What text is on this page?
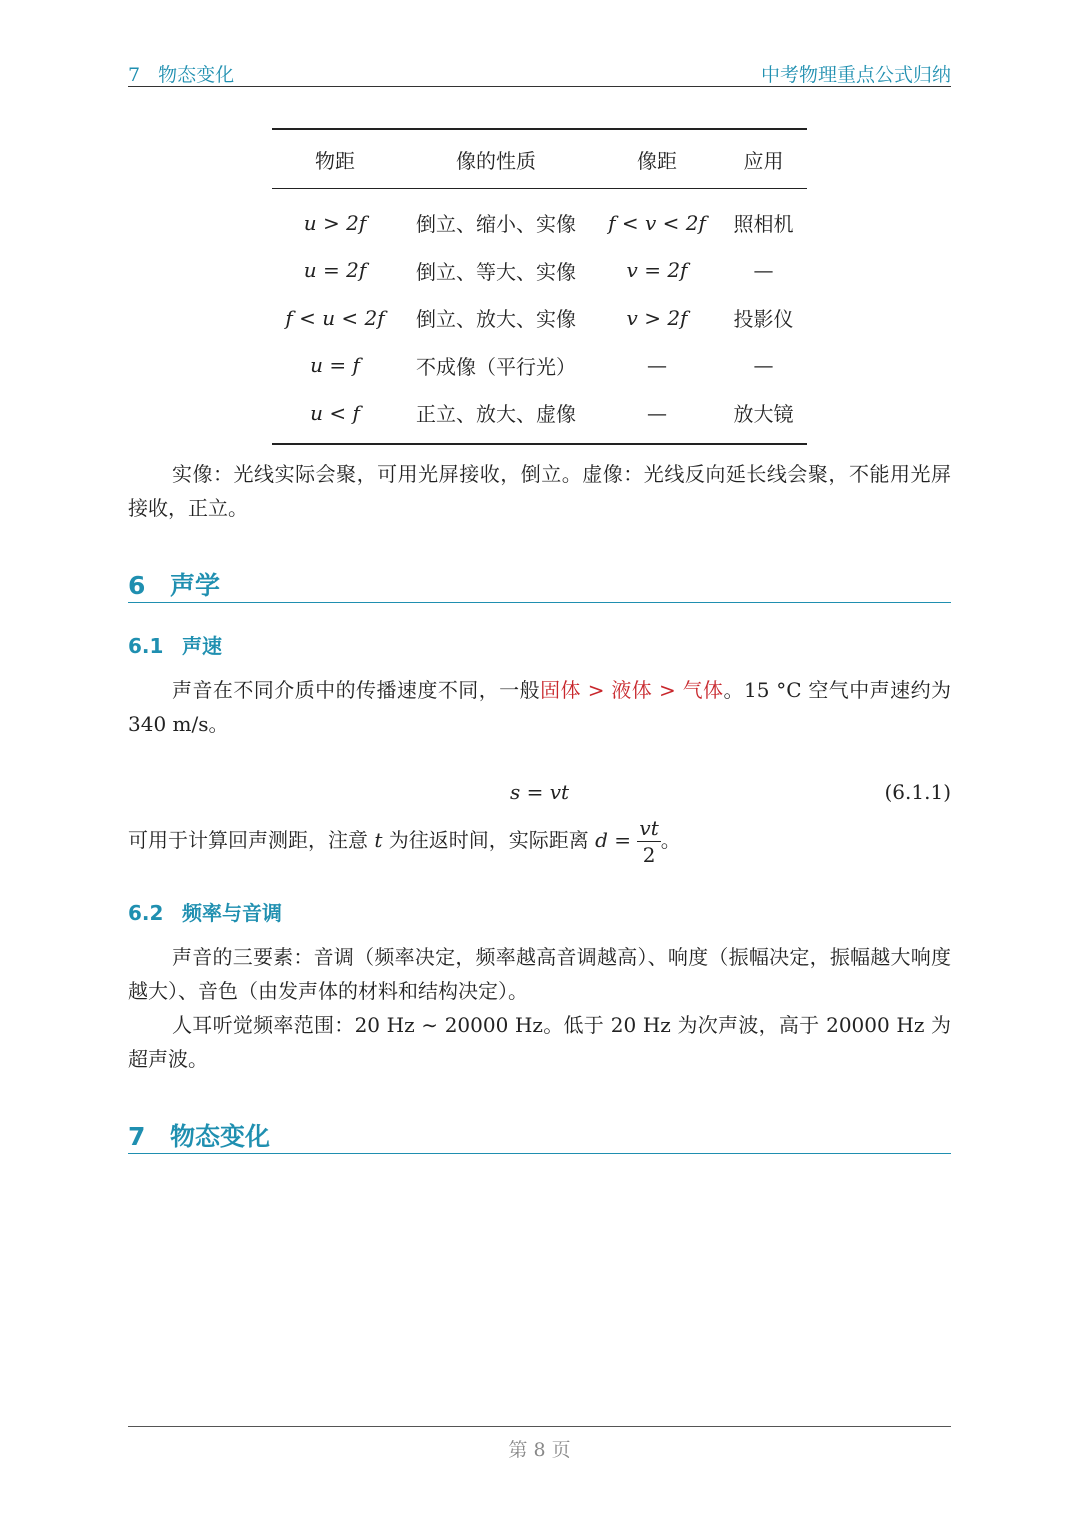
7 物态变化	中考物理重点公式归纳
物距	像的性质	像距	应用
u > 2f	倒立、缩小、实像	f < v < 2f	照相机
u = 2f	倒立、等大、实像	v = 2f	—
f < u < 2f	倒立、放大、实像	v > 2f	投影仪
u = f	不成像（平行光）	—	—
u < f	正立、放大、虚像	—	放大镜
实像：光线实际会聚，可用光屏接收，倒立。虚像：光线反向延长线会聚，不能用光屏接收，正立。
6 声学
6.1 声速
声音在不同介质中的传播速度不同，一般固体 > 液体 > 气体。15 °C 空气中声速约为 340 m/s。
s = vt	(6.1.1)
可用于计算回声测距，注意 t 为往返时间，实际距离 $d = \frac{vt}{2}$ 。
6.2 频率与音调
声音的三要素：音调（频率决定，频率越高音调越高）、响度（振幅决定，振幅越大响度越大）、音色（由发声体的材料和结构决定）。
人耳听觉频率范围：20 Hz ∼ 20000 Hz。低于 20 Hz 为次声波，高于 20000 Hz 为超声波。
7 物态变化
第 8 页
